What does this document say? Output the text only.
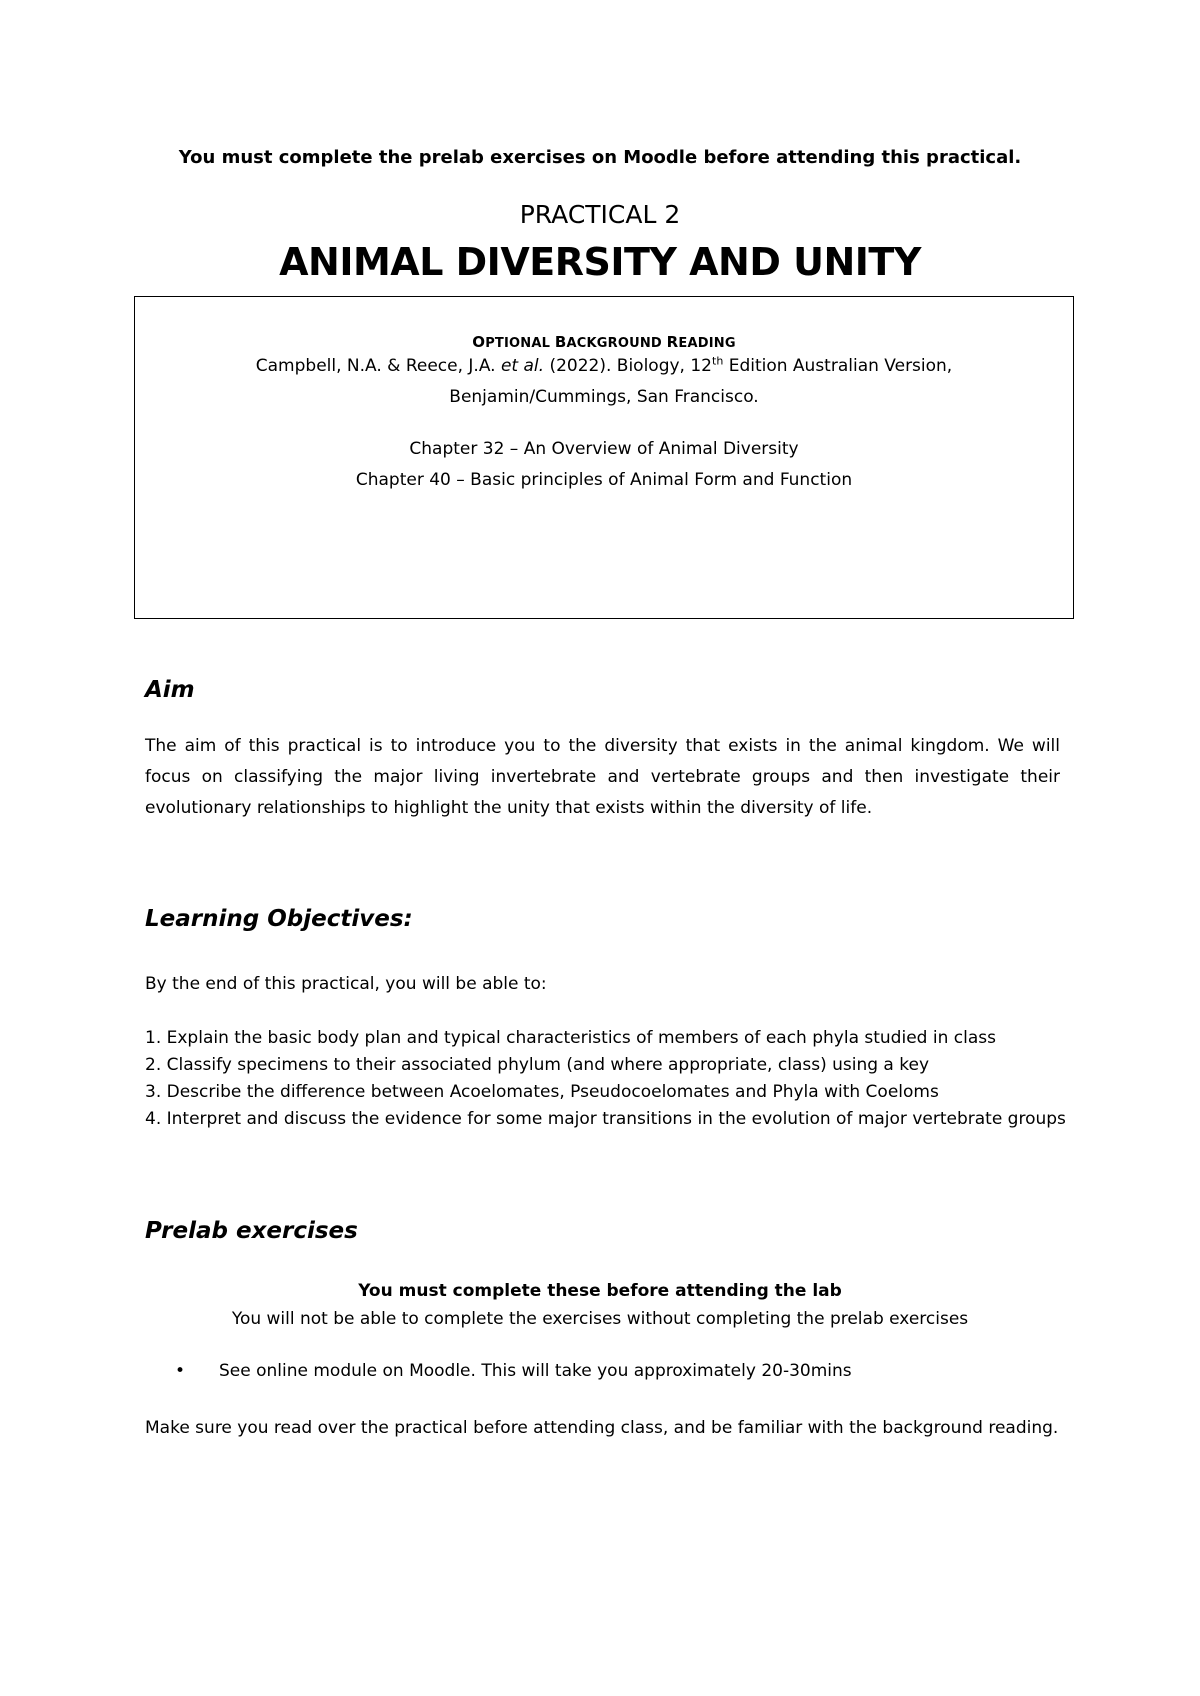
You must complete the prelab exercises on Moodle before attending this practical.
PRACTICAL 2
ANIMAL DIVERSITY AND UNITY
OPTIONAL BACKGROUND READING
Campbell, N.A. & Reece, J.A. et al. (2022). Biology, 12th Edition Australian Version,
Benjamin/Cummings, San Francisco.
Chapter 32 – An Overview of Animal Diversity
Chapter 40 – Basic principles of Animal Form and Function
Aim
The aim of this practical is to introduce you to the diversity that exists in the animal kingdom. We will focus on classifying the major living invertebrate and vertebrate groups and then investigate their evolutionary relationships to highlight the unity that exists within the diversity of life.
Learning Objectives:
By the end of this practical, you will be able to:
1. Explain the basic body plan and typical characteristics of members of each phyla studied in class
2. Classify specimens to their associated phylum (and where appropriate, class) using a key
3. Describe the difference between Acoelomates, Pseudocoelomates and Phyla with Coeloms
4. Interpret and discuss the evidence for some major transitions in the evolution of major vertebrate groups
Prelab exercises
You must complete these before attending the lab
You will not be able to complete the exercises without completing the prelab exercises
• See online module on Moodle. This will take you approximately 20-30mins
Make sure you read over the practical before attending class, and be familiar with the background reading.
